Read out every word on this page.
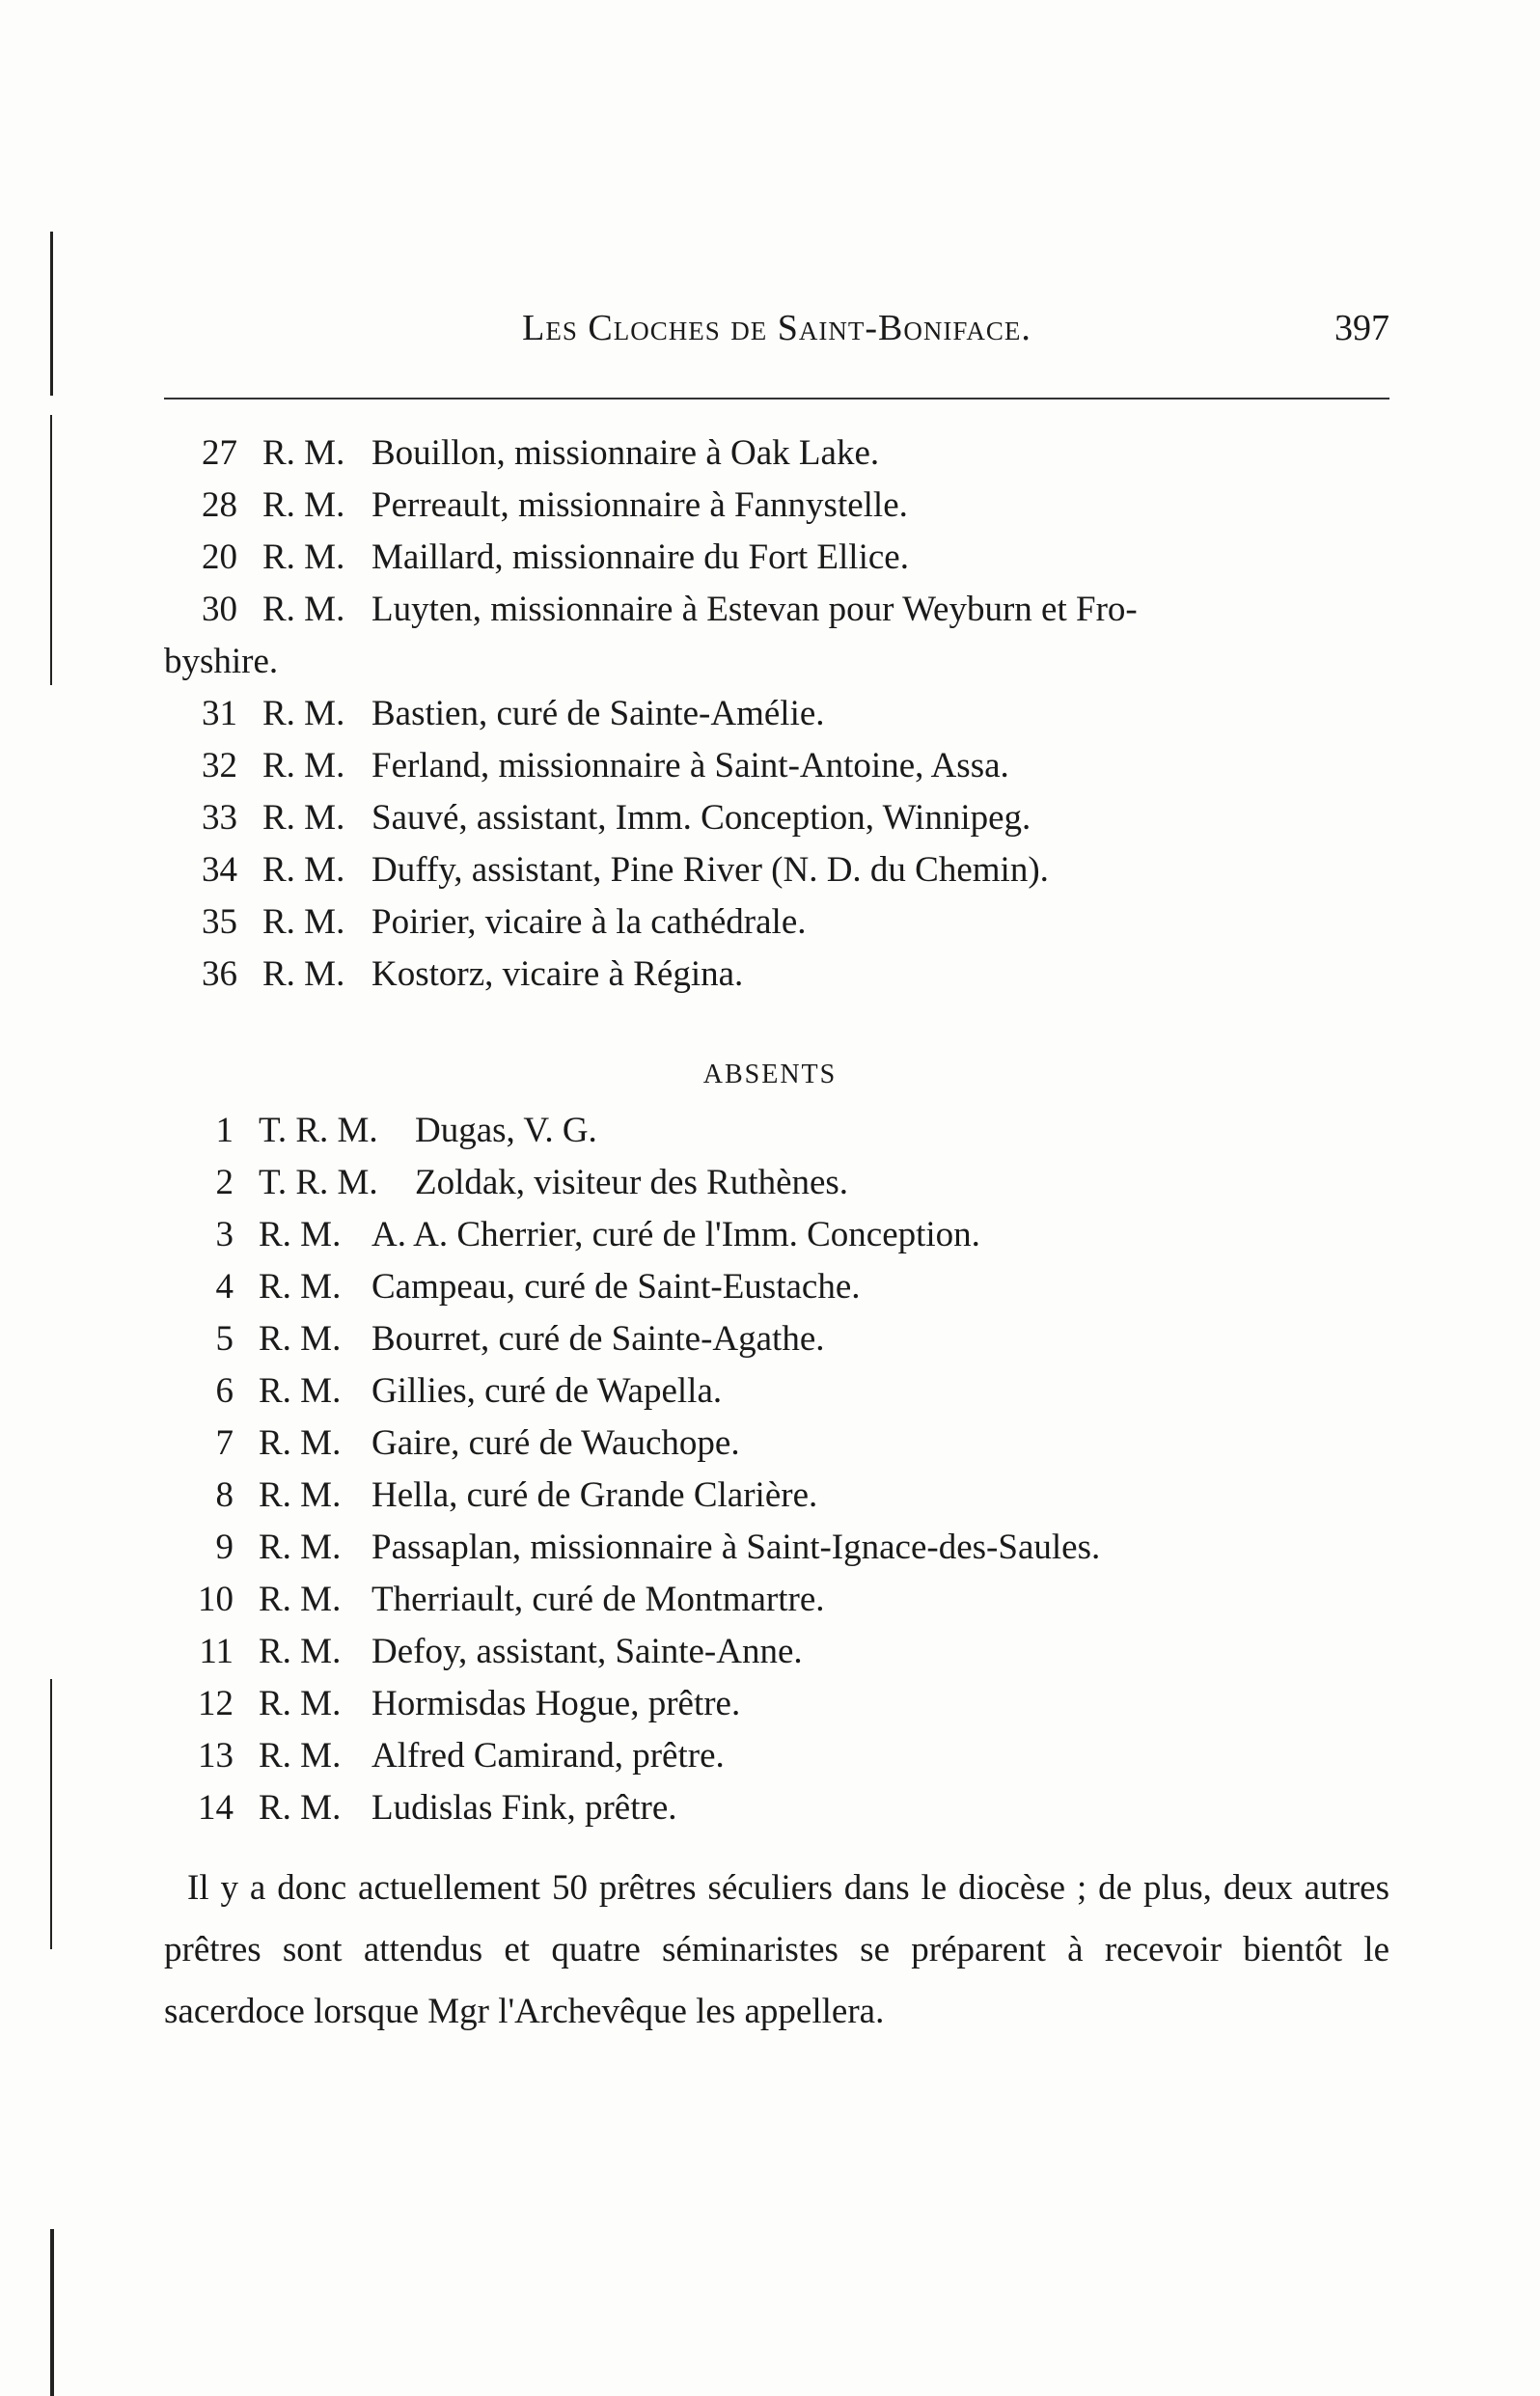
Les Cloches de Saint-Boniface.	397
27 R. M. Bouillon, missionnaire à Oak Lake.
28 R. M. Perreault, missionnaire à Fannystelle.
20 R. M. Maillard, missionnaire du Fort Ellice.
30 R. M. Luyten, missionnaire à Estevan pour Weyburn et Fro-
byshire.
31 R. M. Bastien, curé de Sainte-Amélie.
32 R. M. Ferland, missionnaire à Saint-Antoine, Assa.
33 R. M. Sauvé, assistant, Imm. Conception, Winnipeg.
34 R. M. Duffy, assistant, Pine River (N. D. du Chemin).
35 R. M. Poirier, vicaire à la cathédrale.
36 R. M. Kostorz, vicaire à Régina.
ABSENTS
1 T. R. M. Dugas, V. G.
2 T. R. M. Zoldak, visiteur des Ruthènes.
3 R. M. A. A. Cherrier, curé de l'Imm. Conception.
4 R. M. Campeau, curé de Saint-Eustache.
5 R. M. Bourret, curé de Sainte-Agathe.
6 R. M. Gillies, curé de Wapella.
7 R. M. Gaire, curé de Wauchope.
8 R. M. Hella, curé de Grande Clarière.
9 R. M. Passaplan, missionnaire à Saint-Ignace-des-Saules.
10 R. M. Therriault, curé de Montmartre.
11 R. M. Defoy, assistant, Sainte-Anne.
12 R. M. Hormisdas Hogue, prêtre.
13 R. M. Alfred Camirand, prêtre.
14 R. M. Ludislas Fink, prêtre.

Il y a donc actuellement 50 prêtres séculiers dans le diocèse ; de plus, deux autres prêtres sont attendus et quatre séminaristes se préparent à recevoir bientôt le sacerdoce lorsque Mgr l'Archevêque les appellera.
